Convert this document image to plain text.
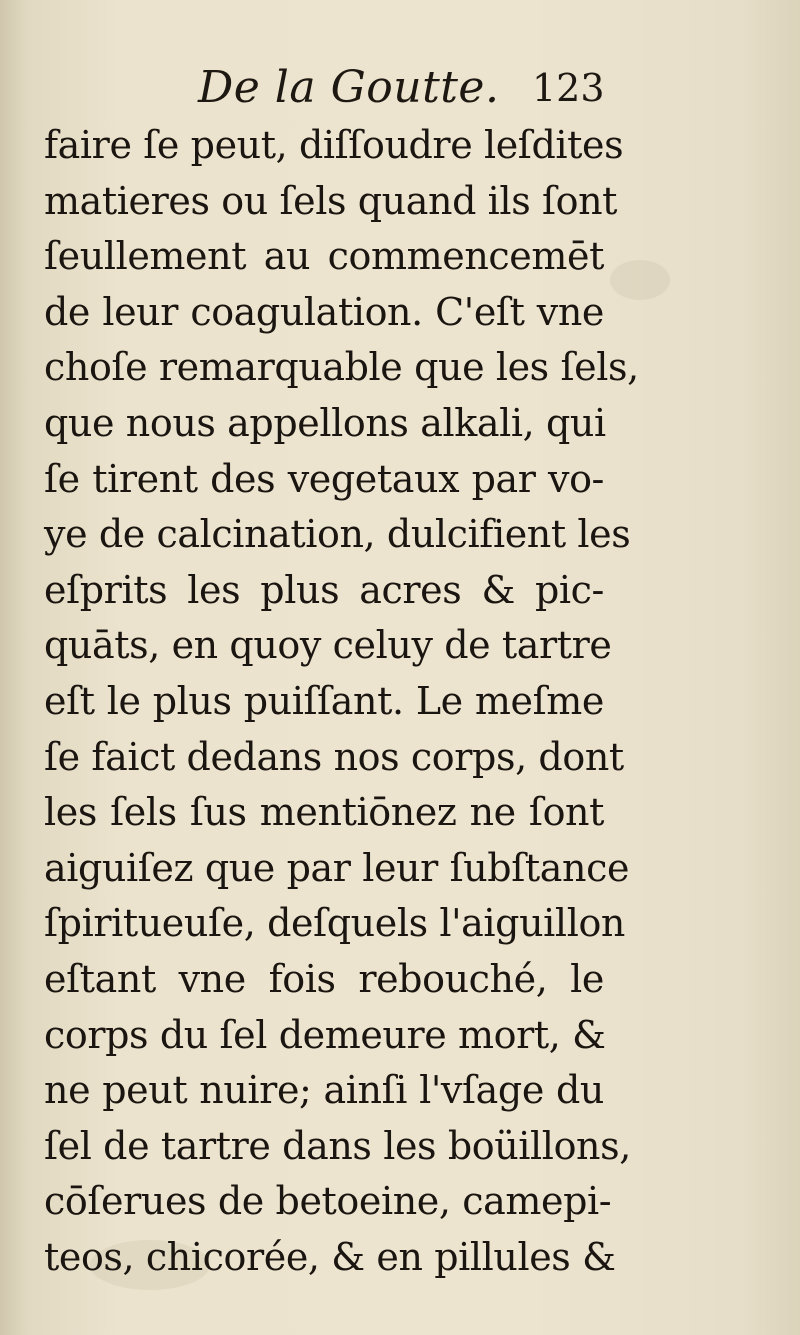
De la Goutte. 123
faire ſe peut, diſſoudre leſdites
matieres ou ſels quand ils ſont
ſeullement au commencemēt
de leur coagulation. C'eſt vne
choſe remarquable que les ſels,
que nous appellons alkali, qui
ſe tirent des vegetaux par vo-
ye de calcination, dulcifient les
eſprits les plus acres & pic-
quāts, en quoy celuy de tartre
eſt le plus puiſſant. Le meſme
ſe faict dedans nos corps, dont
les ſels ſus mentiōnez ne ſont
aiguiſez que par leur ſubſtance
ſpiritueuſe, deſquels l'aiguillon
eſtant vne fois rebouché, le
corps du ſel demeure mort, &
ne peut nuire; ainſi l'vſage du
ſel de tartre dans les boüillons,
cōſerues de betoeine, camepi-
teos, chicorée, & en pillules &
